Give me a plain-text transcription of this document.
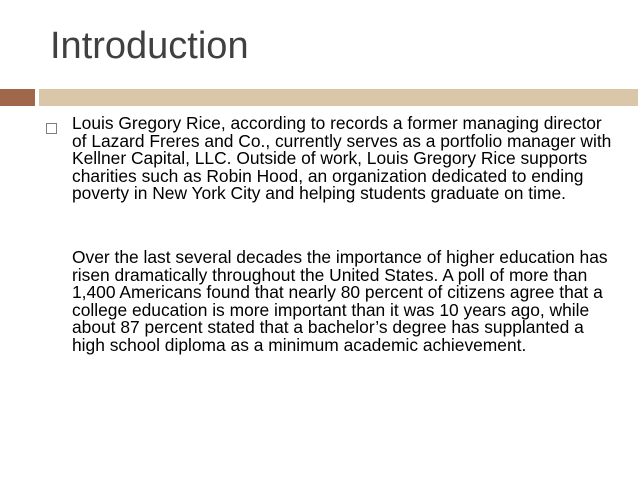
Introduction

Louis Gregory Rice, according to records a former managing director of Lazard Freres and Co., currently serves as a portfolio manager with Kellner Capital, LLC. Outside of work, Louis Gregory Rice supports charities such as Robin Hood, an organization dedicated to ending poverty in New York City and helping students graduate on time.

Over the last several decades the importance of higher education has risen dramatically throughout the United States. A poll of more than 1,400 Americans found that nearly 80 percent of citizens agree that a college education is more important than it was 10 years ago, while about 87 percent stated that a bachelor’s degree has supplanted a high school diploma as a minimum academic achievement.
